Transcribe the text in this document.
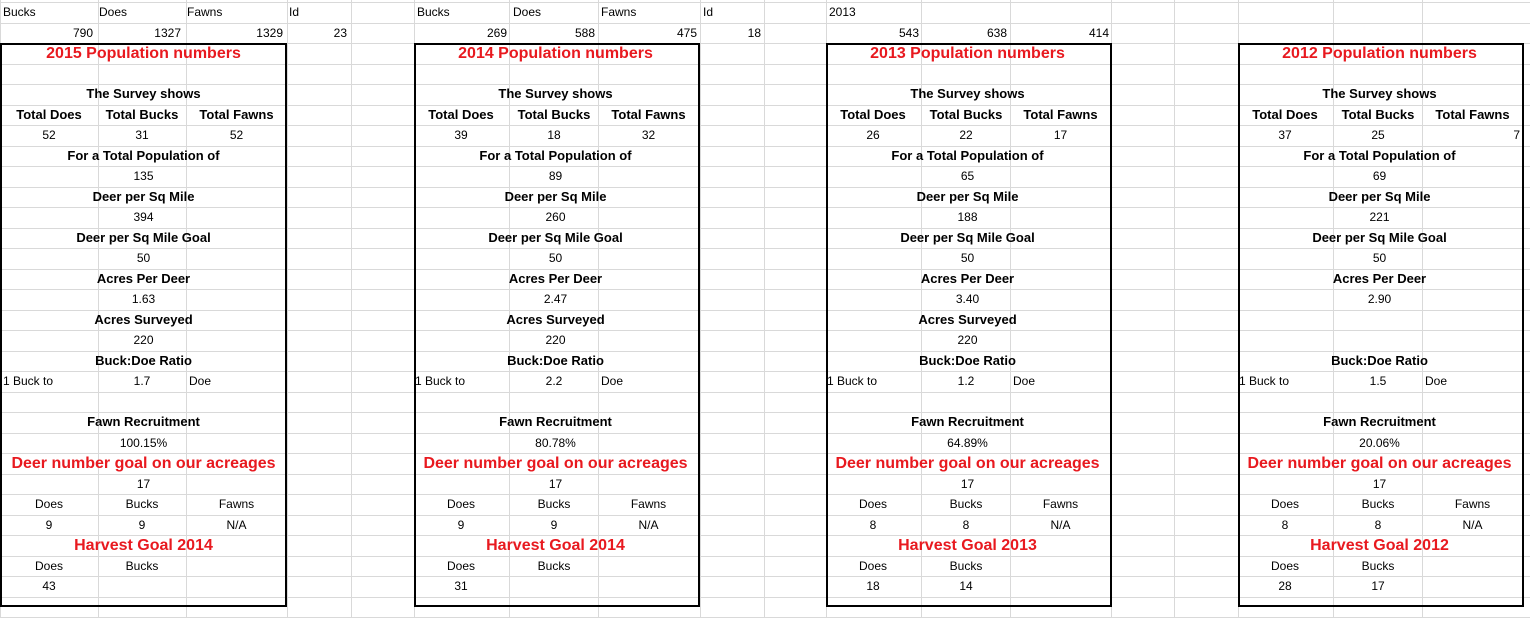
Bucks	Does	Fawns	Id
790	1327	1329	23
Bucks	Does	Fawns	Id
269	588	475	18
2013
543	638	414
2015 Population numbers
The Survey shows
Total Does	Total Bucks	Total Fawns
52	31	52
For a Total Population of
135
Deer per Sq Mile
394
Deer per Sq Mile Goal
50
Acres Per Deer
1.63
Acres Surveyed
220
Buck:Doe Ratio
1 Buck to	1.7	Doe
Fawn Recruitment
100.15%
Deer number goal on our acreages
17
Does	Bucks	Fawns
9	9	N/A
Harvest Goal 2014
Does	Bucks
43
2014 Population numbers
The Survey shows
Total Does	Total Bucks	Total Fawns
39	18	32
For a Total Population of
89
Deer per Sq Mile
260
Deer per Sq Mile Goal
50
Acres Per Deer
2.47
Acres Surveyed
220
Buck:Doe Ratio
1 Buck to	2.2	Doe
Fawn Recruitment
80.78%
Deer number goal on our acreages
17
Does	Bucks	Fawns
9	9	N/A
Harvest Goal 2014
Does	Bucks
31
2013 Population numbers
The Survey shows
Total Does	Total Bucks	Total Fawns
26	22	17
For a Total Population of
65
Deer per Sq Mile
188
Deer per Sq Mile Goal
50
Acres Per Deer
3.40
Acres Surveyed
220
Buck:Doe Ratio
1 Buck to	1.2	Doe
Fawn Recruitment
64.89%
Deer number goal on our acreages
17
Does	Bucks	Fawns
8	8	N/A
Harvest Goal 2013
Does	Bucks
18	14
2012 Population numbers
The Survey shows
Total Does	Total Bucks	Total Fawns
37	25	7
For a Total Population of
69
Deer per Sq Mile
221
Deer per Sq Mile Goal
50
Acres Per Deer
2.90
Buck:Doe Ratio
1 Buck to	1.5	Doe
Fawn Recruitment
20.06%
Deer number goal on our acreages
17
Does	Bucks	Fawns
8	8	N/A
Harvest Goal 2012
Does	Bucks
28	17
